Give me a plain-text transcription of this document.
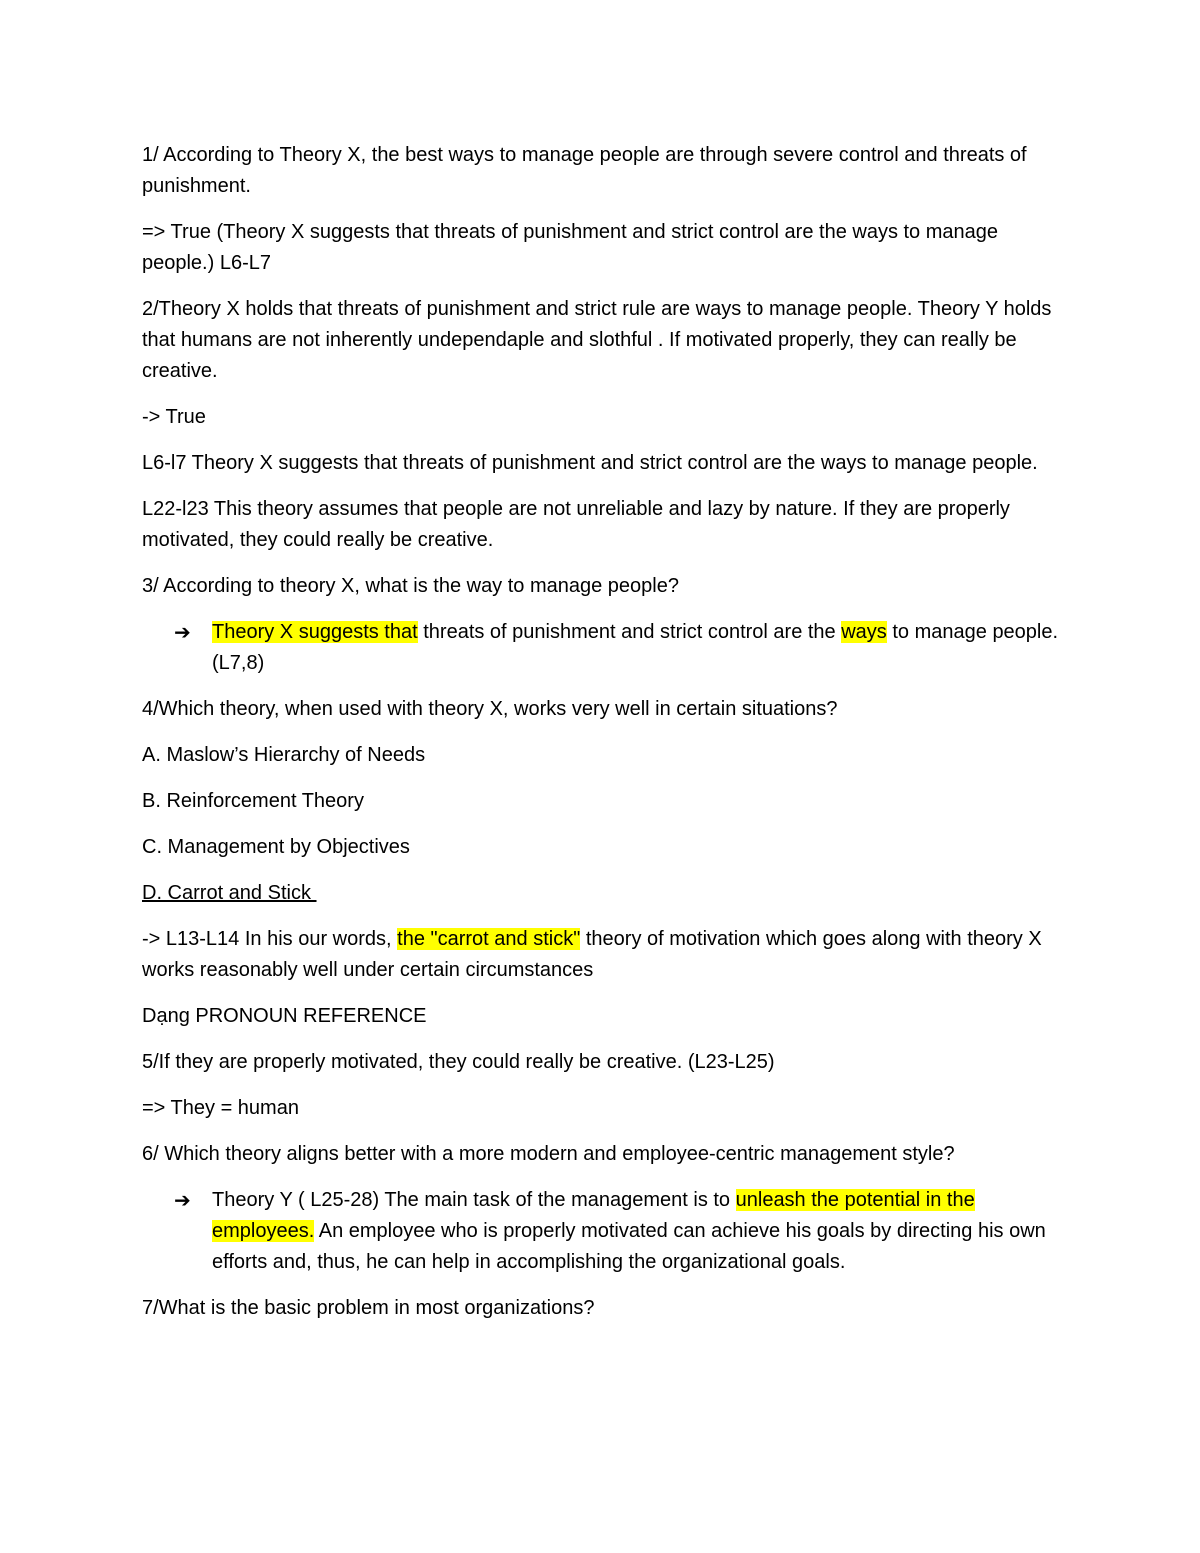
1/ According to Theory X, the best ways to manage people are through severe control and threats of punishment.

=> True (Theory X suggests that threats of punishment and strict control are the ways to manage people.) L6-L7

2/Theory X holds that threats of punishment and strict rule are ways to manage people. Theory Y holds that humans are not inherently undependaple and slothful . If motivated properly, they can really be creative.

-> True

L6-l7 Theory X suggests that threats of punishment and strict control are the ways to manage people.

L22-l23 This theory assumes that people are not unreliable and lazy by nature. If they are properly motivated, they could really be creative.

3/ According to theory X, what is the way to manage people?

➔ Theory X suggests that threats of punishment and strict control are the ways to manage people. (L7,8)

4/Which theory, when used with theory X, works very well in certain situations?

A. Maslow’s Hierarchy of Needs

B. Reinforcement Theory

C. Management by Objectives

D. Carrot and Stick

-> L13-L14 In his our words, the "carrot and stick" theory of motivation which goes along with theory X works reasonably well under certain circumstances

Dạng PRONOUN REFERENCE

5/If they are properly motivated, they could really be creative. (L23-L25)

=> They = human

6/ Which theory aligns better with a more modern and employee-centric management style?

➔ Theory Y ( L25-28) The main task of the management is to unleash the potential in the employees. An employee who is properly motivated can achieve his goals by directing his own efforts and, thus, he can help in accomplishing the organizational goals.

7/What is the basic problem in most organizations?
